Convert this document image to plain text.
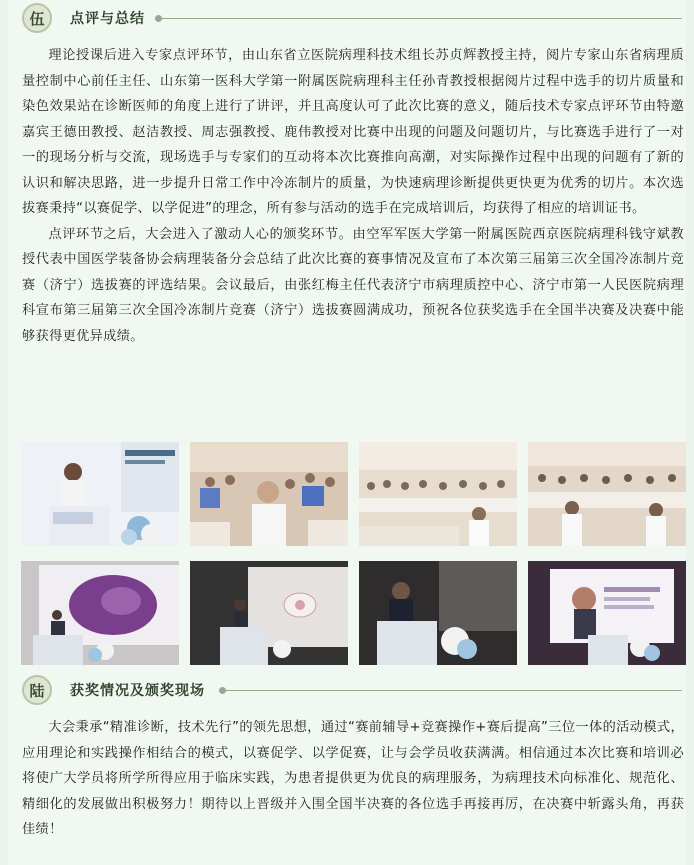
伍	点评与总结

理论授课后进入专家点评环节，由山东省立医院病理科技术组长苏贞辉教授主持，阅片专家山东省病理质量控制中心前任主任、山东第一医科大学第一附属医院病理科主任孙青教授根据阅片过程中选手的切片质量和染色效果站在诊断医师的角度上进行了讲评，并且高度认可了此次比赛的意义，随后技术专家点评环节由特邀嘉宾王德田教授、赵洁教授、周志强教授、鹿伟教授对比赛中出现的问题及问题切片，与比赛选手进行了一对一的现场分析与交流，现场选手与专家们的互动将本次比赛推向高潮，对实际操作过程中出现的问题有了新的认识和解决思路，进一步提升日常工作中冷冻制片的质量，为快速病理诊断提供更快更为优秀的切片。本次选拔赛秉持“以赛促学、以学促进”的理念，所有参与活动的选手在完成培训后，均获得了相应的培训证书。

点评环节之后，大会进入了激动人心的颁奖环节。由空军军医大学第一附属医院西京医院病理科钱守斌教授代表中国医学装备协会病理装备分会总结了此次比赛的赛事情况及宣布了本次第三届第三次全国冷冻制片竞赛（济宁）选拔赛的评选结果。会议最后，由张红梅主任代表济宁市病理质控中心、济宁市第一人民医院病理科宣布第三届第三次全国冷冻制片竞赛（济宁）选拔赛圆满成功，预祝各位获奖选手在全国半决赛及决赛中能够获得更优异成绩。

陆	获奖情况及颁奖现场

大会秉承“精准诊断，技术先行”的领先思想，通过“赛前辅导+竞赛操作+赛后提高”三位一体的活动模式，应用理论和实践操作相结合的模式，以赛促学、以学促赛，让与会学员收获满满。相信通过本次比赛和培训必将使广大学员将所学所得应用于临床实践，为患者提供更为优良的病理服务，为病理技术向标准化、规范化、精细化的发展做出积极努力！期待以上晋级并入围全国半决赛的各位选手再接再厉，在决赛中斩露头角，再获佳绩！
